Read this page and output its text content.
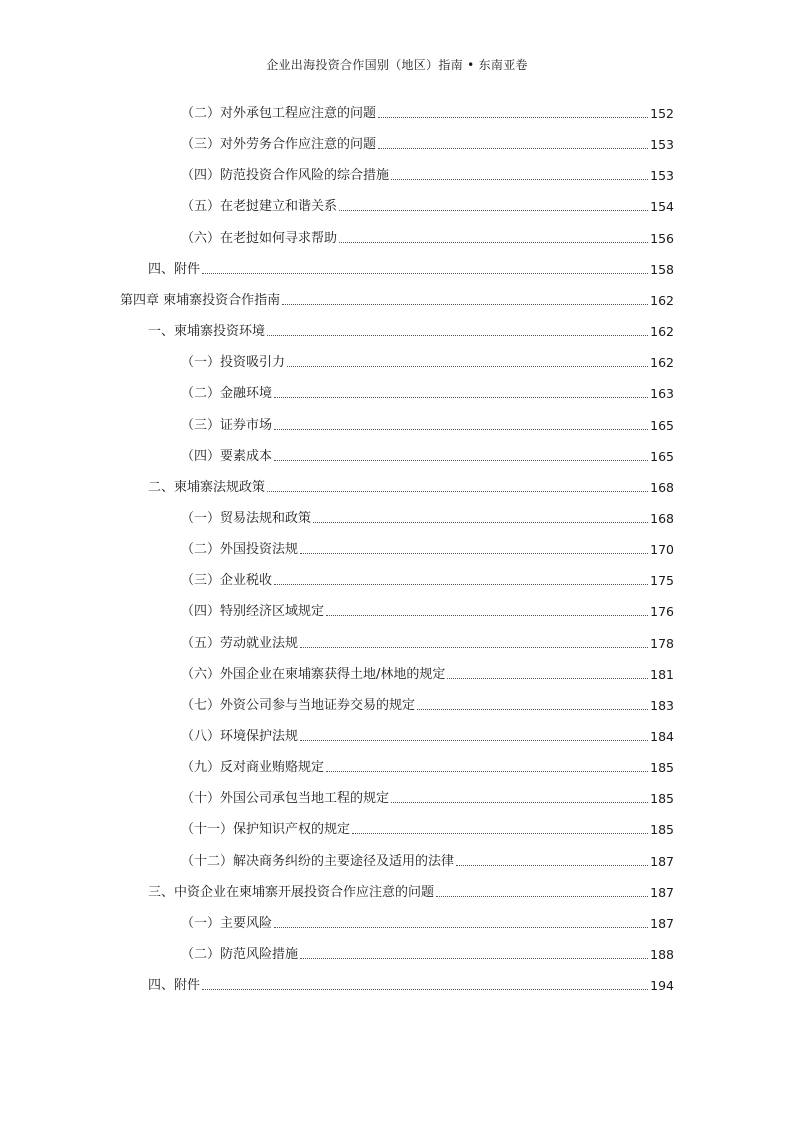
企业出海投资合作国别（地区）指南 • 东南亚卷
（二）对外承包工程应注意的问题	152
（三）对外劳务合作应注意的问题	153
（四）防范投资合作风险的综合措施	153
（五）在老挝建立和谐关系	154
（六）在老挝如何寻求帮助	156
四、附件	158
第四章 柬埔寨投资合作指南	162
一、柬埔寨投资环境	162
（一）投资吸引力	162
（二）金融环境	163
（三）证券市场	165
（四）要素成本	165
二、柬埔寨法规政策	168
（一）贸易法规和政策	168
（二）外国投资法规	170
（三）企业税收	175
（四）特别经济区域规定	176
（五）劳动就业法规	178
（六）外国企业在柬埔寨获得土地/林地的规定	181
（七）外资公司参与当地证券交易的规定	183
（八）环境保护法规	184
（九）反对商业贿赂规定	185
（十）外国公司承包当地工程的规定	185
（十一）保护知识产权的规定	185
（十二）解决商务纠纷的主要途径及适用的法律	187
三、中资企业在柬埔寨开展投资合作应注意的问题	187
（一）主要风险	187
（二）防范风险措施	188
四、附件	194
